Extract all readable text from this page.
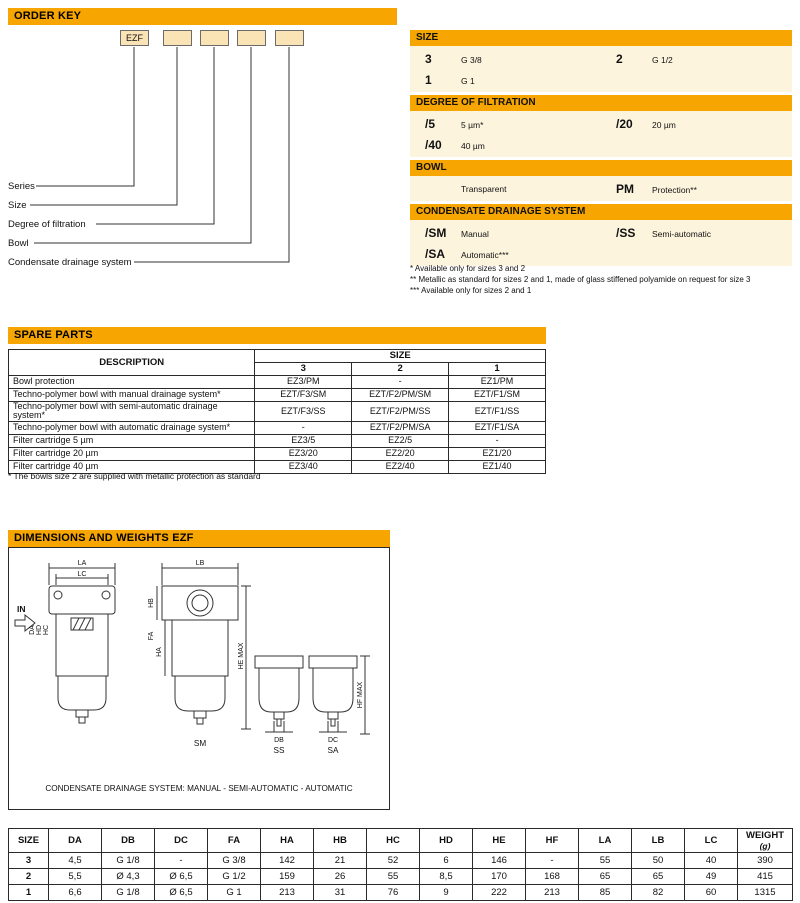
ORDER KEY
EZF
Series
Size
Degree of filtration
Bowl
Condensate drainage system
SIZE
3	G 3/8	2	G 1/2
1	G 1
DEGREE OF FILTRATION
/5	5 µm*	/20	20 µm
/40	40 µm
BOWL
Transparent	PM	Protection**
CONDENSATE DRAINAGE SYSTEM
/SM	Manual	/SS	Semi-automatic
/SA	Automatic***
* Available only for sizes 3 and 2
** Metallic as standard for sizes 2 and 1, made of glass stiffened polyamide on request for size 3
*** Available only for sizes 2 and 1
SPARE PARTS
DESCRIPTION	SIZE		
	3	2	1
Bowl protection	EZ3/PM	-	EZ1/PM
Techno-polymer bowl with manual drainage system*	EZT/F3/SM	EZT/F2/PM/SM	EZT/F1/SM
Techno-polymer bowl with semi-automatic drainage system*	EZT/F3/SS	EZT/F2/PM/SS	EZT/F1/SS
Techno-polymer bowl with automatic drainage system*	-	EZT/F2/PM/SA	EZT/F1/SA
Filter cartridge 5 µm	EZ3/5	EZ2/5	-
Filter cartridge 20 µm	EZ3/20	EZ2/20	EZ1/20
Filter cartridge 40 µm	EZ3/40	EZ2/40	EZ1/40
* The bowls size 2 are supplied with metallic protection as standard
DIMENSIONS AND WEIGHTS EZF
IN
LA
LC
DA HD HC
LB
HB
FA
HA	HE MAX
SM	DB
SS
DC
SA
HF MAX
CONDENSATE DRAINAGE SYSTEM: MANUAL - SEMI-AUTOMATIC - AUTOMATIC
SIZE	DA	DB	DC	FA	HA	HB	HC	HD	HE	HF	LA	LB	LC	WEIGHT
(g)

3	4,5	G 1/8	-	G 3/8	142	21	52	6	146	-	55	50	40	390
2	5,5	Ø 4,3	Ø 6,5	G 1/2	159	26	55	8,5	170	168	65	65	49	415
1	6,6	G 1/8	Ø 6,5	G 1	213	31	76	9	222	213	85	82	60	1315
